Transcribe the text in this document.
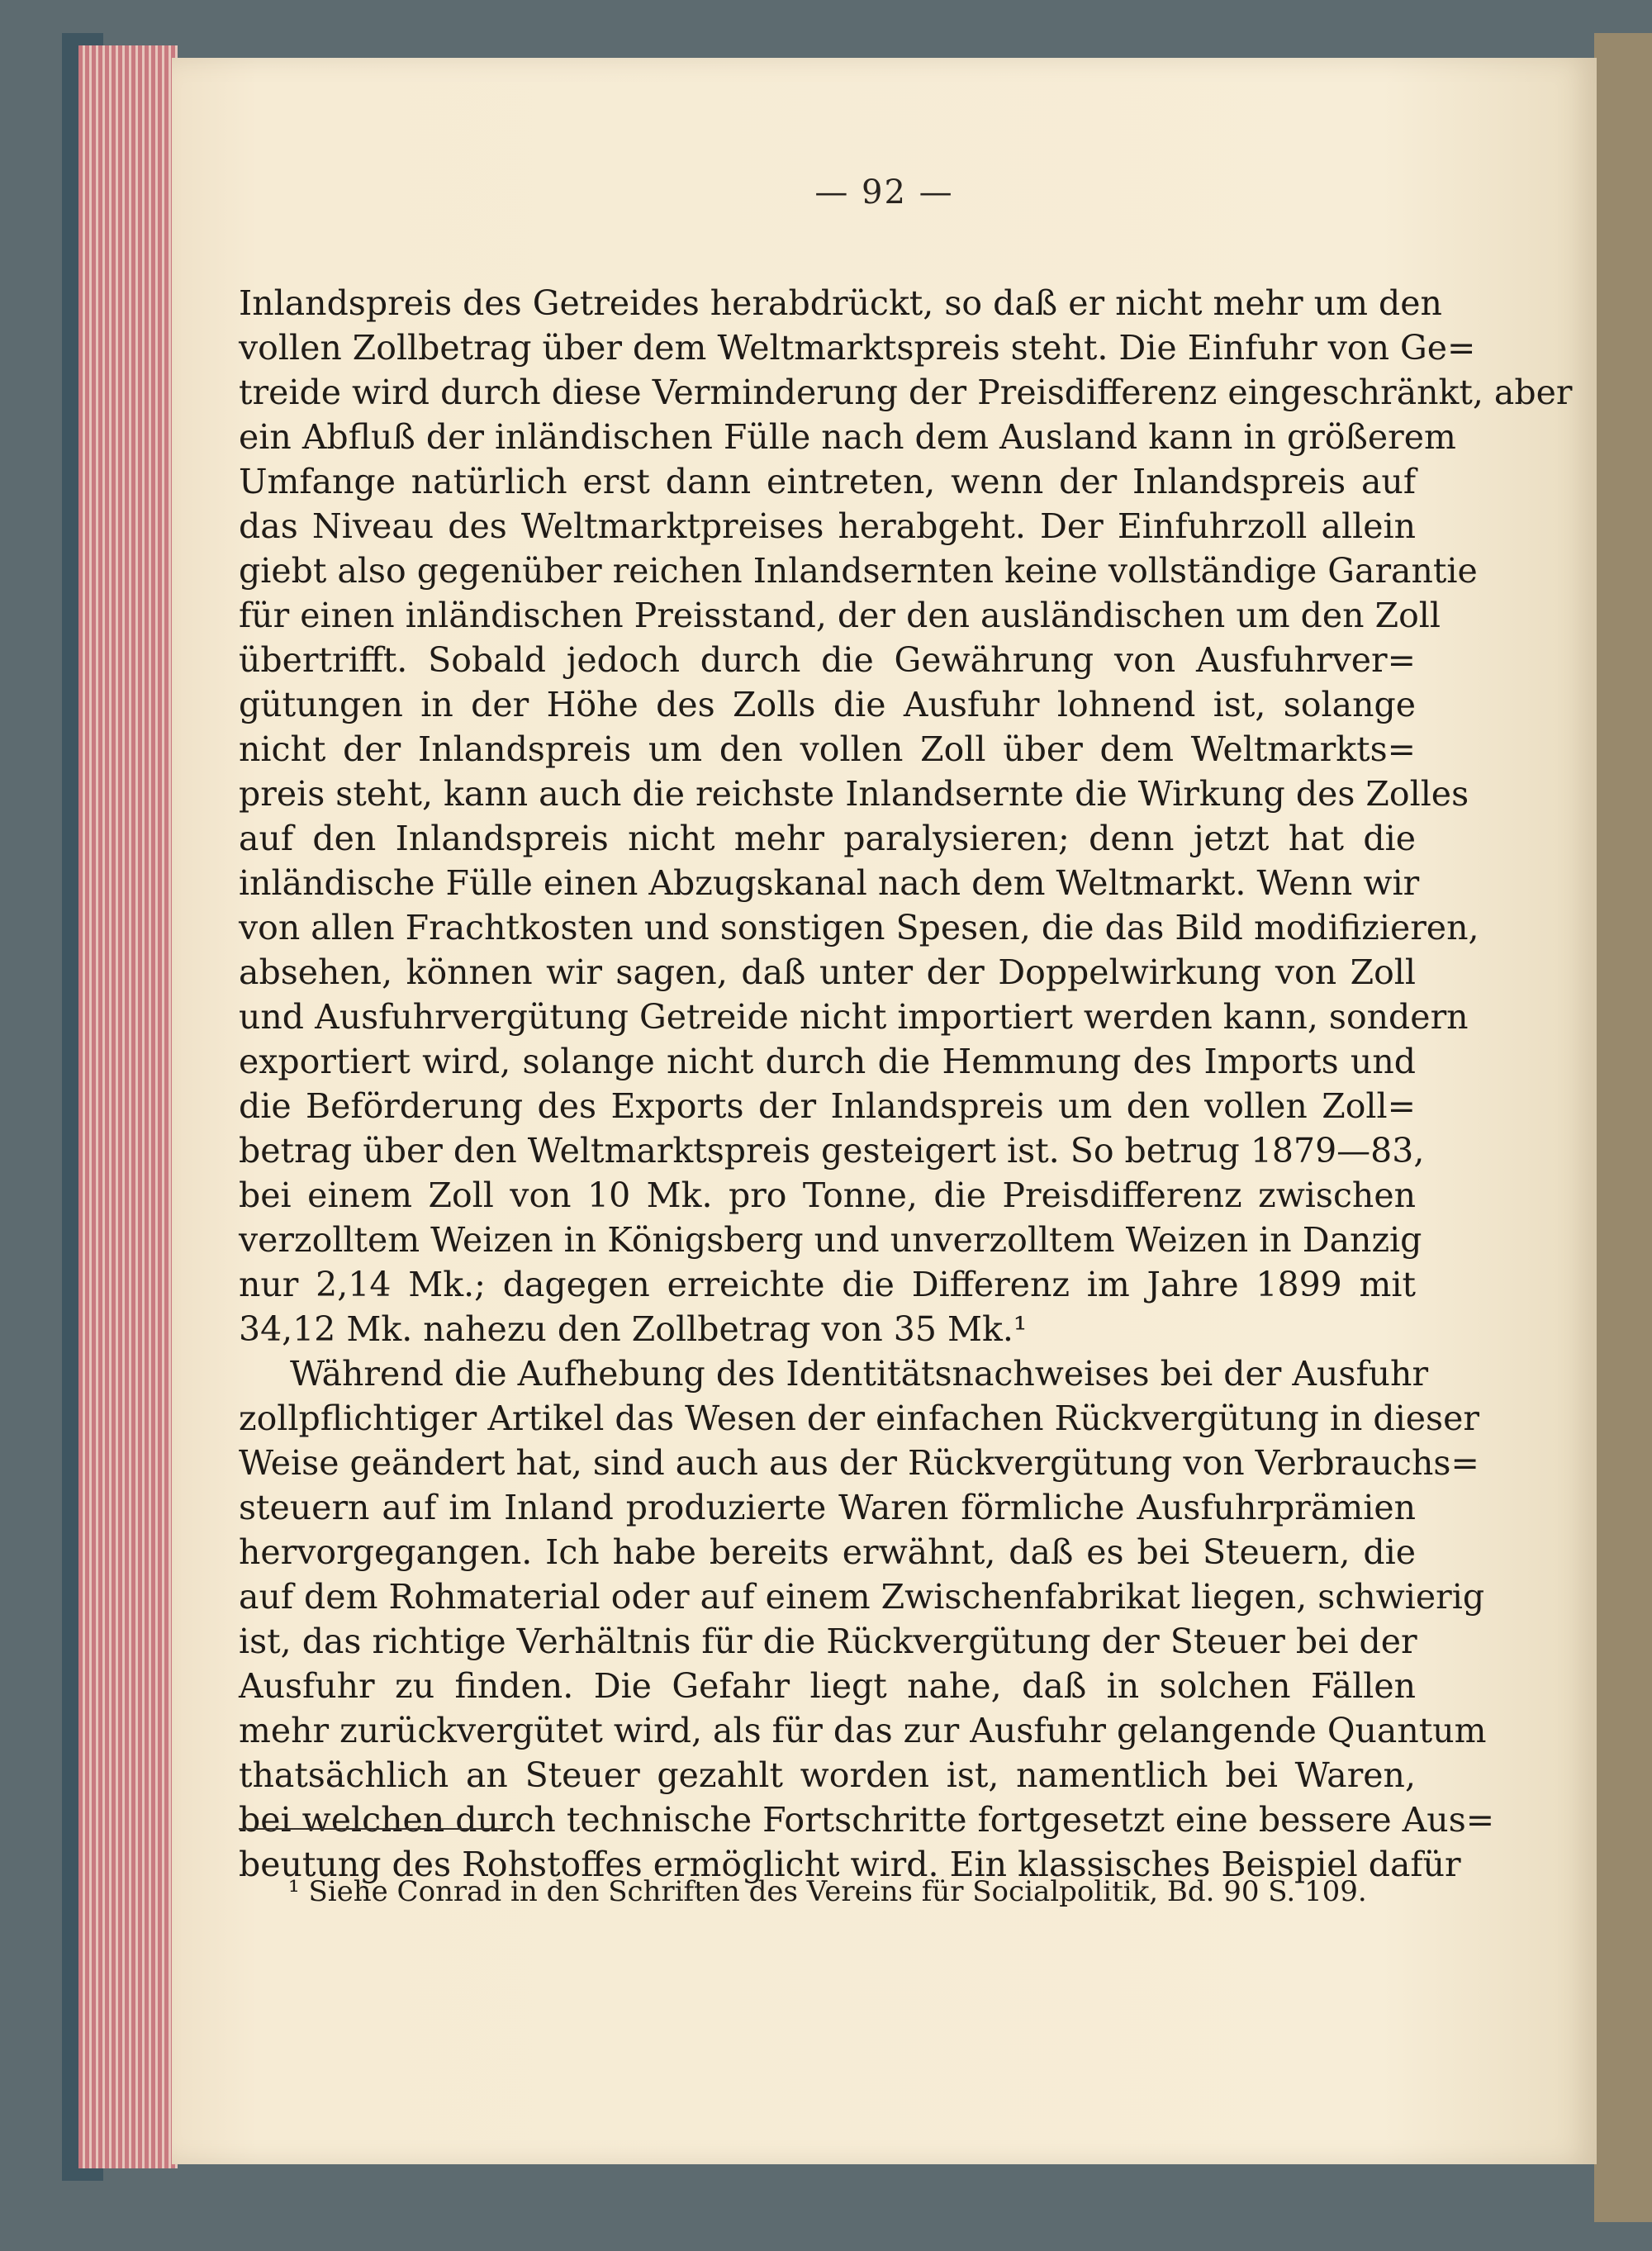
— 92 —
Inlandspreis des Getreides herabdrückt, so daß er nicht mehr um den
vollen Zollbetrag über dem Weltmarktspreis steht. Die Einfuhr von Ge=
treide wird durch diese Verminderung der Preisdifferenz eingeschränkt, aber
ein Abfluß der inländischen Fülle nach dem Ausland kann in größerem
Umfange natürlich erst dann eintreten, wenn der Inlandspreis auf
das Niveau des Weltmarktpreises herabgeht. Der Einfuhrzoll allein
giebt also gegenüber reichen Inlandsernten keine vollständige Garantie
für einen inländischen Preisstand, der den ausländischen um den Zoll
übertrifft. Sobald jedoch durch die Gewährung von Ausfuhrver=
gütungen in der Höhe des Zolls die Ausfuhr lohnend ist, solange
nicht der Inlandspreis um den vollen Zoll über dem Weltmarkts=
preis steht, kann auch die reichste Inlandsernte die Wirkung des Zolles
auf den Inlandspreis nicht mehr paralysieren; denn jetzt hat die
inländische Fülle einen Abzugskanal nach dem Weltmarkt. Wenn wir
von allen Frachtkosten und sonstigen Spesen, die das Bild modifizieren,
absehen, können wir sagen, daß unter der Doppelwirkung von Zoll
und Ausfuhrvergütung Getreide nicht importiert werden kann, sondern
exportiert wird, solange nicht durch die Hemmung des Imports und
die Beförderung des Exports der Inlandspreis um den vollen Zoll=
betrag über den Weltmarktspreis gesteigert ist. So betrug 1879—83,
bei einem Zoll von 10 Mk. pro Tonne, die Preisdifferenz zwischen
verzolltem Weizen in Königsberg und unverzolltem Weizen in Danzig
nur 2,14 Mk.; dagegen erreichte die Differenz im Jahre 1899 mit
34,12 Mk. nahezu den Zollbetrag von 35 Mk.¹
Während die Aufhebung des Identitätsnachweises bei der Ausfuhr
zollpflichtiger Artikel das Wesen der einfachen Rückvergütung in dieser
Weise geändert hat, sind auch aus der Rückvergütung von Verbrauchs=
steuern auf im Inland produzierte Waren förmliche Ausfuhrprämien
hervorgegangen. Ich habe bereits erwähnt, daß es bei Steuern, die
auf dem Rohmaterial oder auf einem Zwischenfabrikat liegen, schwierig
ist, das richtige Verhältnis für die Rückvergütung der Steuer bei der
Ausfuhr zu finden. Die Gefahr liegt nahe, daß in solchen Fällen
mehr zurückvergütet wird, als für das zur Ausfuhr gelangende Quantum
thatsächlich an Steuer gezahlt worden ist, namentlich bei Waren,
bei welchen durch technische Fortschritte fortgesetzt eine bessere Aus=
beutung des Rohstoffes ermöglicht wird. Ein klassisches Beispiel dafür
¹ Siehe Conrad in den Schriften des Vereins für Socialpolitik, Bd. 90 S. 109.
